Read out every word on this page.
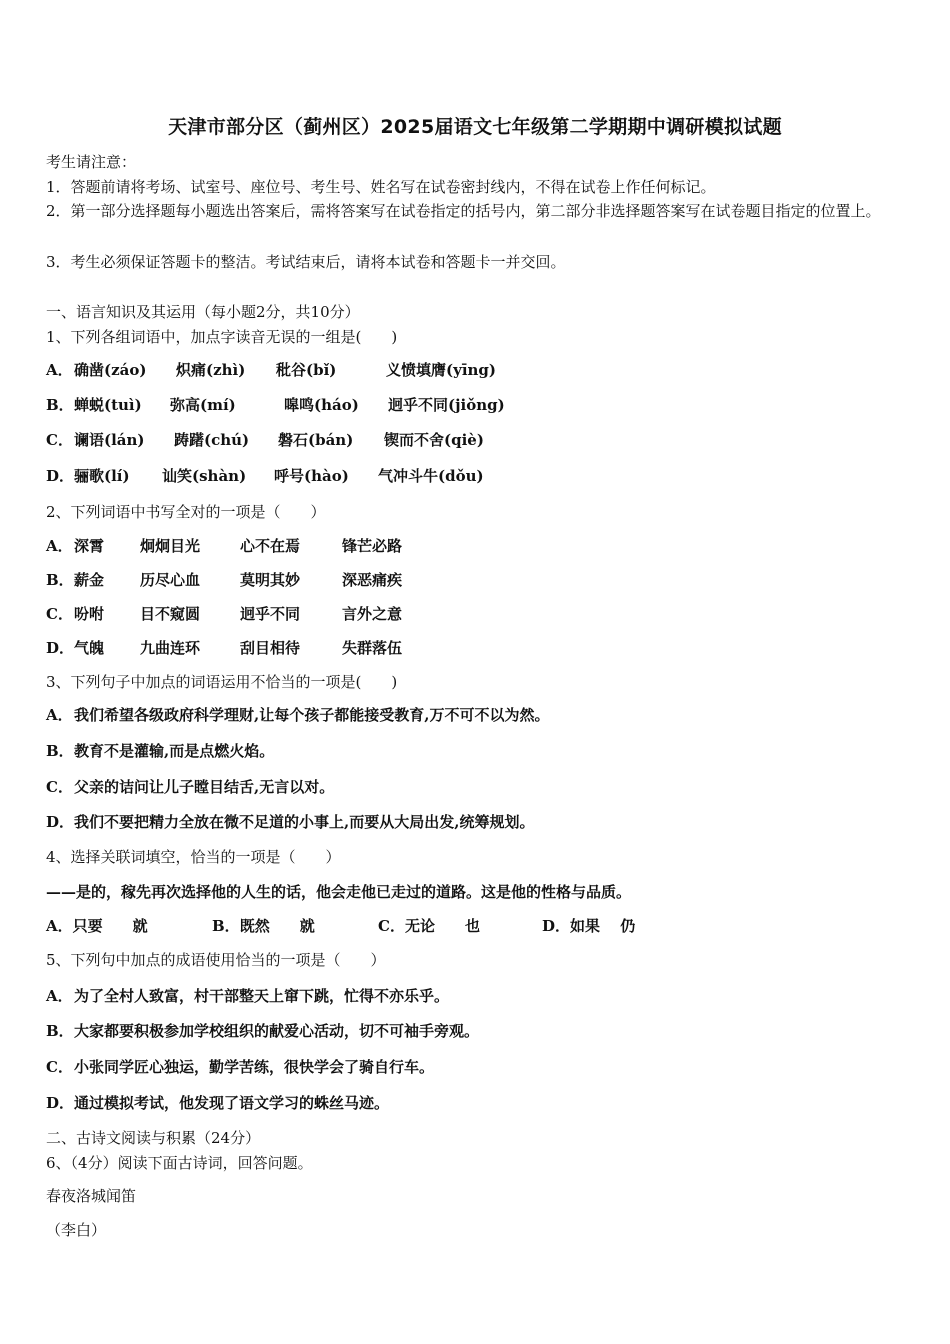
天津市部分区（蓟州区）2025届语文七年级第二学期期中调研模拟试题
考生请注意：
1．答题前请将考场、试室号、座位号、考生号、姓名写在试卷密封线内，不得在试卷上作任何标记。
2．第一部分选择题每小题选出答案后，需将答案写在试卷指定的括号内，第二部分非选择题答案写在试卷题目指定的位置上。
3．考生必须保证答题卡的整洁。考试结束后，请将本试卷和答题卡一并交回。
一、语言知识及其运用（每小题2分，共10分）
1、下列各组词语中，加点字读音无误的一组是(　　)
A． 确凿(záo) 炽痛(zhì) 秕谷(bǐ)	义愤填膺(yīng)
B． 蝉蜕(tuì) 弥高(mí)	嗥鸣(háo) 迥乎不同(jiǒng)
C． 谰语(lán) 踌躇(chú) 磐石(bán) 锲而不舍(qiè)
D． 骊歌(lí) 讪笑(shàn) 呼号(hào) 气冲斗牛(dǒu)
2、下列词语中书写全对的一项是（　　）
A． 深霄 炯炯目光	心不在焉	锋芒必路
B． 薪金 历尽心血	莫明其妙	深恶痛疾
C． 吩咐 目不窥圆	迥乎不同	言外之意
D． 气魄 九曲连环	刮目相待	失群落伍
3、下列句子中加点的词语运用不恰当的一项是(　　)
A．我们希望各级政府科学理财,让每个孩子都能接受教育,万不可不以为然。
B．教育不是灌输,而是点燃火焰。
C．父亲的诘问让儿子瞠目结舌,无言以对。
D．我们不要把精力全放在微不足道的小事上,而要从大局出发,统筹规划。
4、选择关联词填空，恰当的一项是（　　）
——是的，稼先再次选择他的人生的话，他会走他已走过的道路。这是他的性格与品质。
A．只要　　就	B．既然　　就	C．无论　　也	D．如果　 仍
5、下列句中加点的成语使用恰当的一项是（　　）
A．为了全村人致富，村干部整天上窜下跳，忙得不亦乐乎。
B．大家都要积极参加学校组织的献爱心活动，切不可袖手旁观。
C．小张同学匠心独运，勤学苦练，很快学会了骑自行车。
D．通过模拟考试，他发现了语文学习的蛛丝马迹。
二、古诗文阅读与积累（24分）
6、（4分）阅读下面古诗词，回答问题。
春夜洛城闻笛
（李白）
